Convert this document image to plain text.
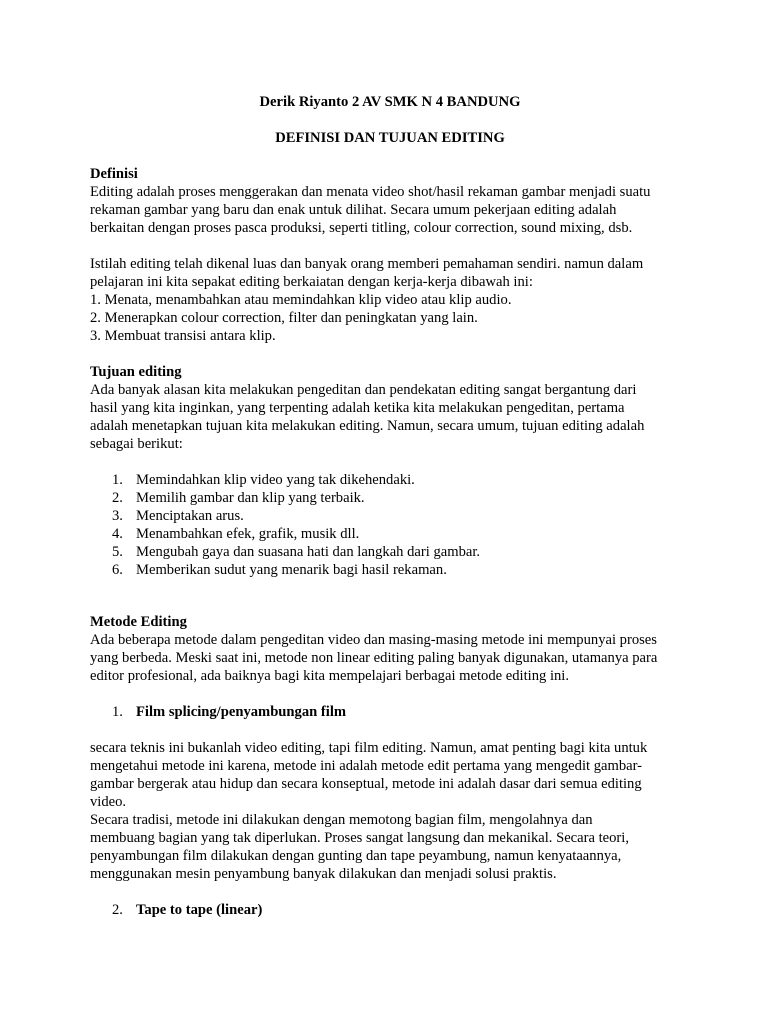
Derik Riyanto 2 AV SMK N 4 BANDUNG

DEFINISI DAN TUJUAN EDITING

Definisi

Editing adalah proses menggerakan dan menata video shot/hasil rekaman gambar menjadi suatu
rekaman gambar yang baru dan enak untuk dilihat. Secara umum pekerjaan editing adalah
berkaitan dengan proses pasca produksi, seperti titling, colour correction, sound mixing, dsb.

Istilah editing telah dikenal luas dan banyak orang memberi pemahaman sendiri. namun dalam
pelajaran ini kita sepakat editing berkaiatan dengan kerja-kerja dibawah ini:

1. Menata, menambahkan atau memindahkan klip video atau klip audio.
2. Menerapkan colour correction, filter dan peningkatan yang lain.
3. Membuat transisi antara klip.
Tujuan editing

Ada banyak alasan kita melakukan pengeditan dan pendekatan editing sangat bergantung dari
hasil yang kita inginkan, yang terpenting adalah ketika kita melakukan pengeditan, pertama
adalah menetapkan tujuan kita melakukan editing. Namun, secara umum, tujuan editing adalah
sebagai berikut:

1. Memindahkan klip video yang tak dikehendaki.
2. Memilih gambar dan klip yang terbaik.
3. Menciptakan arus.
4. Menambahkan efek, grafik, musik dll.
5. Mengubah gaya dan suasana hati dan langkah dari gambar.
6. Memberikan sudut yang menarik bagi hasil rekaman.
Metode Editing

Ada beberapa metode dalam pengeditan video dan masing-masing metode ini mempunyai proses
yang berbeda. Meski saat ini, metode non linear editing paling banyak digunakan, utamanya para
editor profesional, ada baiknya bagi kita mempelajari berbagai metode editing ini.

1. Film splicing/penyambungan film

secara teknis ini bukanlah video editing, tapi film editing. Namun, amat penting bagi kita untuk
mengetahui metode ini karena, metode ini adalah metode edit pertama yang mengedit gambar-
gambar bergerak atau hidup dan secara konseptual, metode ini adalah dasar dari semua editing
video.

Secara tradisi, metode ini dilakukan dengan memotong bagian film, mengolahnya dan
membuang bagian yang tak diperlukan. Proses sangat langsung dan mekanikal. Secara teori,
penyambungan film dilakukan dengan gunting dan tape peyambung, namun kenyataannya,
menggunakan mesin penyambung banyak dilakukan dan menjadi solusi praktis.

2. Tape to tape (linear)
